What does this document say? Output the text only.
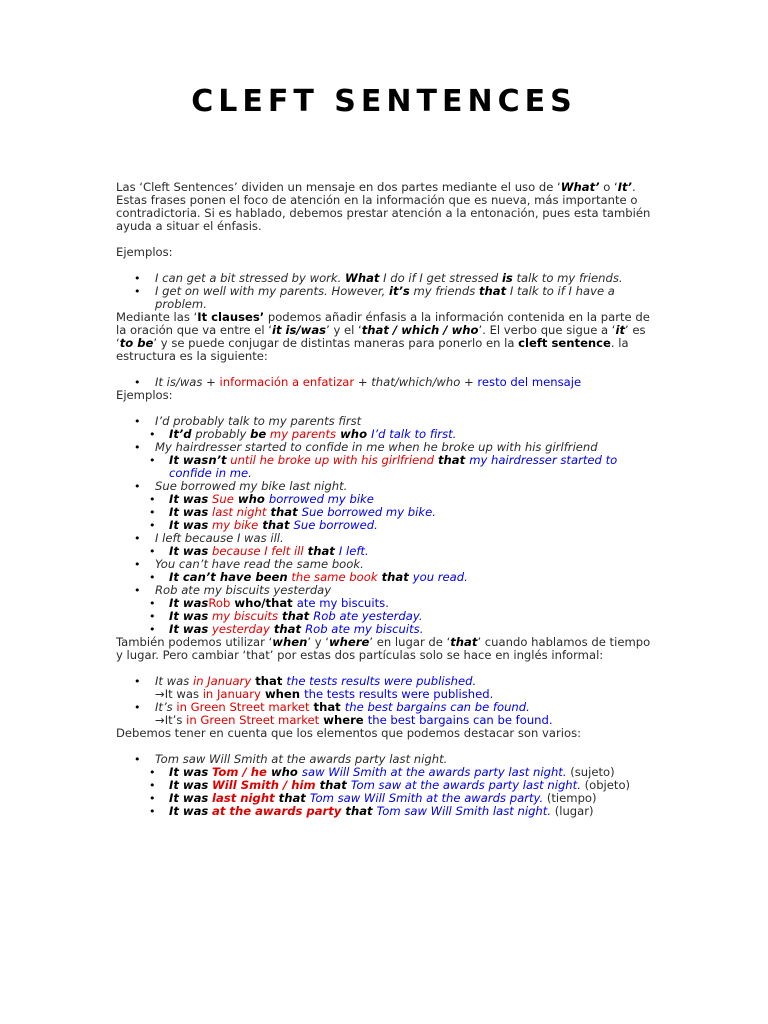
CLEFT SENTENCES

Las ‘Cleft Sentences’ dividen un mensaje en dos partes mediante el uso de ‘What’ o ‘It’. Estas frases ponen el foco de atención en la información que es nueva, más importante o contradictoria. Si es hablado, debemos prestar atención a la entonación, pues esta también ayuda a situar el énfasis.

Ejemplos:

• I can get a bit stressed by work. What I do if I get stressed is talk to my friends.
• I get on well with my parents. However, it’s my friends that I talk to if I have a problem.

Mediante las ‘It clauses’ podemos añadir énfasis a la información contenida en la parte de la oración que va entre el ‘it is/was’ y el ‘that / which / who’. El verbo que sigue a ‘it’ es ‘to be’ y se puede conjugar de distintas maneras para ponerlo en la cleft sentence. la estructura es la siguiente:

• It is/was + información a enfatizar + that/which/who + resto del mensaje

Ejemplos:

• I’d probably talk to my parents first
• It’d probably be my parents who I’d talk to first.
• My hairdresser started to confide in me when he broke up with his girlfriend
• It wasn’t until he broke up with his girlfriend that my hairdresser started to confide in me.
• Sue borrowed my bike last night.
• It was Sue who borrowed my bike
• It was last night that Sue borrowed my bike.
• It was my bike that Sue borrowed.
• I left because I was ill.
• It was because I felt ill that I left.
• You can’t have read the same book.
• It can’t have been the same book that you read.
• Rob ate my biscuits yesterday
• It wasRob who/that ate my biscuits.
• It was my biscuits that Rob ate yesterday.
• It was yesterday that Rob ate my biscuits.

También podemos utilizar ‘when’ y ‘where’ en lugar de ‘that’ cuando hablamos de tiempo y lugar. Pero cambiar ‘that’ por estas dos partículas solo se hace en inglés informal:

• It was in January that the tests results were published.
→It was in January when the tests results were published.
• It’s in Green Street market that the best bargains can be found.
→It’s in Green Street market where the best bargains can be found.

Debemos tener en cuenta que los elementos que podemos destacar son varios:

• Tom saw Will Smith at the awards party last night.
• It was Tom / he who saw Will Smith at the awards party last night. (sujeto)
• It was Will Smith / him that Tom saw at the awards party last night. (objeto)
• It was last night that Tom saw Will Smith at the awards party. (tiempo)
• It was at the awards party that Tom saw Will Smith last night. (lugar)
